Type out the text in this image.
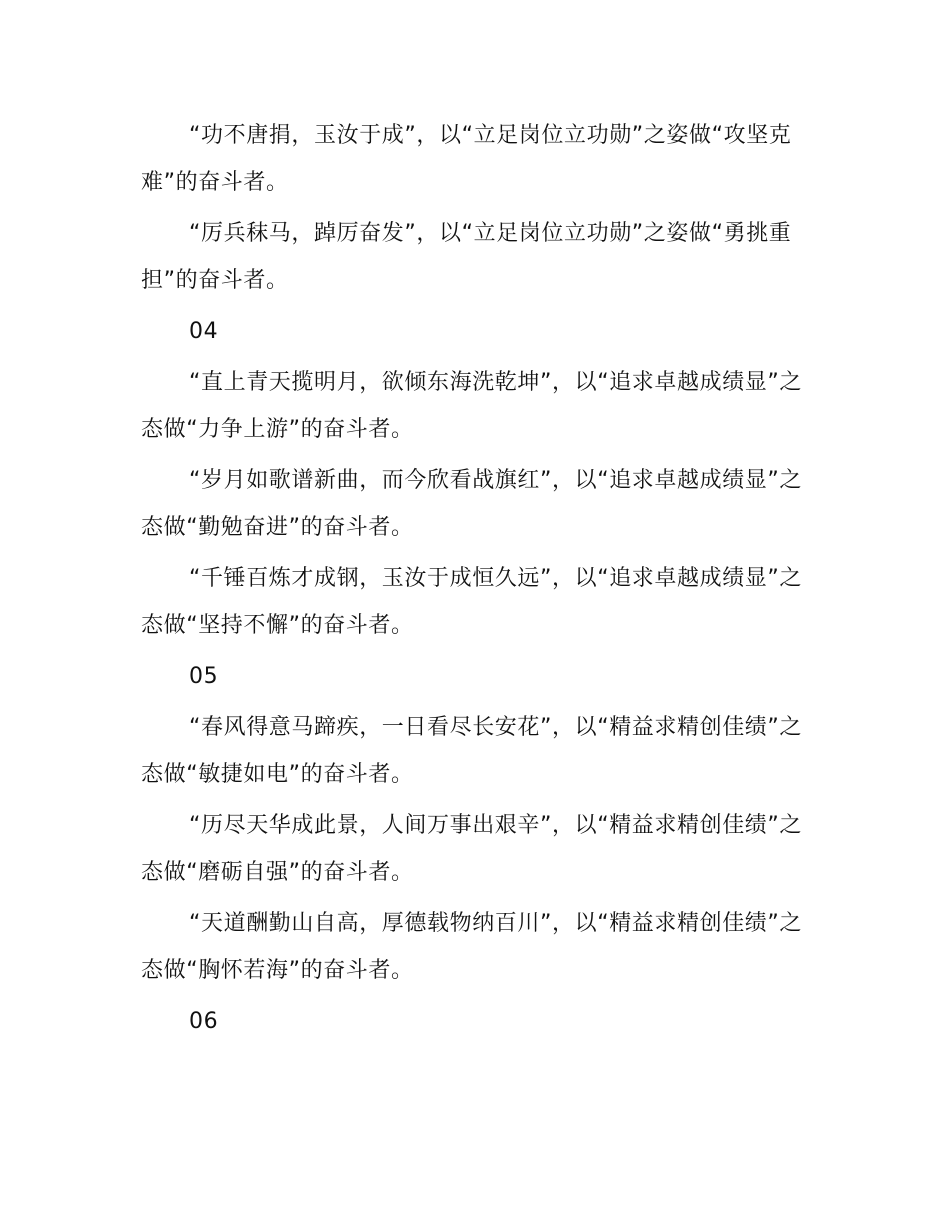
“功不唐捐，玉汝于成”，以“立足岗位立功勋”之姿做“攻坚克难”的奋斗者。

“厉兵秣马，踔厉奋发”，以“立足岗位立功勋”之姿做“勇挑重担”的奋斗者。

04

“直上青天揽明月，欲倾东海洗乾坤”，以“追求卓越成绩显”之态做“力争上游”的奋斗者。

“岁月如歌谱新曲，而今欣看战旗红”，以“追求卓越成绩显”之态做“勤勉奋进”的奋斗者。

“千锤百炼才成钢，玉汝于成恒久远”，以“追求卓越成绩显”之态做“坚持不懈”的奋斗者。

05

“春风得意马蹄疾，一日看尽长安花”，以“精益求精创佳绩”之态做“敏捷如电”的奋斗者。

“历尽天华成此景，人间万事出艰辛”，以“精益求精创佳绩”之态做“磨砺自强”的奋斗者。

“天道酬勤山自高，厚德载物纳百川”，以“精益求精创佳绩”之态做“胸怀若海”的奋斗者。

06
